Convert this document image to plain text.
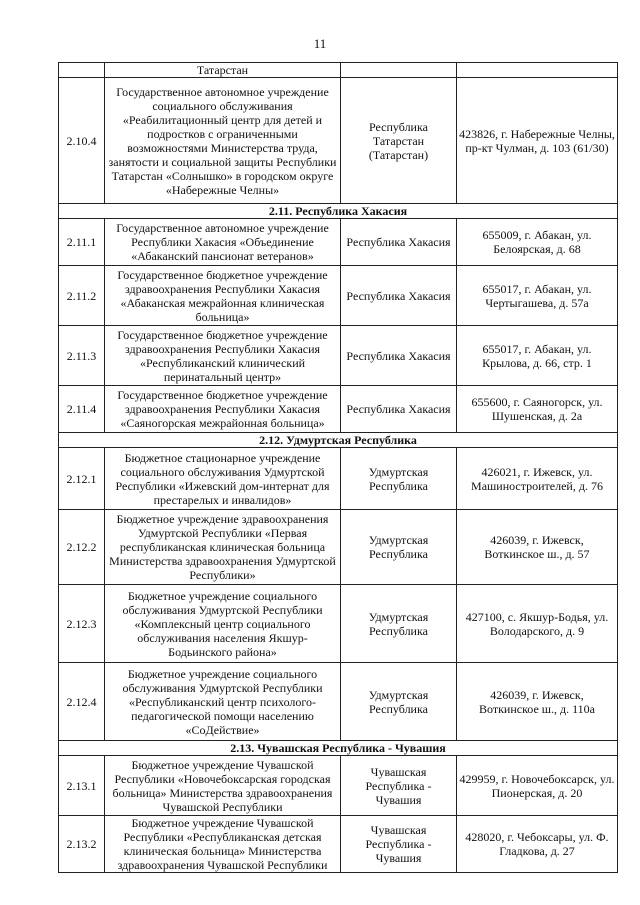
11
	Татарстан		
2.10.4	Государственное автономное учреждение социального обслуживания «Реабилитационный центр для детей и подростков с ограниченными возможностями Министерства труда, занятости и социальной защиты Республики Татарстан «Солнышко» в городском округе «Набережные Челны»	Республика Татарстан (Татарстан)	423826, г. Набережные Челны, пр-кт Чулман, д. 103 (61/30)
2.11. Республика Хакасия			
2.11.1	Государственное автономное учреждение Республики Хакасия «Объединение «Абаканский пансионат ветеранов»	Республика Хакасия	655009, г. Абакан, ул. Белоярская, д. 68
2.11.2	Государственное бюджетное учреждение здравоохранения Республики Хакасия «Абаканская межрайонная клиническая больница»	Республика Хакасия	655017, г. Абакан, ул. Чертыгашева, д. 57а
2.11.3	Государственное бюджетное учреждение здравоохранения Республики Хакасия «Республиканский клинический перинатальный центр»	Республика Хакасия	655017, г. Абакан, ул. Крылова, д. 66, стр. 1
2.11.4	Государственное бюджетное учреждение здравоохранения Республики Хакасия «Саяногорская межрайонная больница»	Республика Хакасия	655600, г. Саяногорск, ул. Шушенская, д. 2а
2.12. Удмуртская Республика			
2.12.1	Бюджетное стационарное учреждение социального обслуживания Удмуртской Республики «Ижевский дом-интернат для престарелых и инвалидов»	Удмуртская Республика	426021, г. Ижевск, ул. Машиностроителей, д. 76
2.12.2	Бюджетное учреждение здравоохранения Удмуртской Республики «Первая республиканская клиническая больница Министерства здравоохранения Удмуртской Республики»	Удмуртская Республика	426039, г. Ижевск, Воткинское ш., д. 57
2.12.3	Бюджетное учреждение социального обслуживания Удмуртской Республики «Комплексный центр социального обслуживания населения Якшур-Бодьинского района»	Удмуртская Республика	427100, с. Якшур-Бодья, ул. Володарского, д. 9
2.12.4	Бюджетное учреждение социального обслуживания Удмуртской Республики «Республиканский центр психолого-педагогической помощи населению «СоДействие»	Удмуртская Республика	426039, г. Ижевск, Воткинское ш., д. 110а
2.13. Чувашская Республика - Чувашия			
2.13.1	Бюджетное учреждение Чувашской Республики «Новочебоксарская городская больница» Министерства здравоохранения Чувашской Республики	Чувашская Республика - Чувашия	429959, г. Новочебоксарск, ул. Пионерская, д. 20
2.13.2	Бюджетное учреждение Чувашской Республики «Республиканская детская клиническая больница» Министерства здравоохранения Чувашской Республики	Чувашская Республика - Чувашия	428020, г. Чебоксары, ул. Ф. Гладкова, д. 27
